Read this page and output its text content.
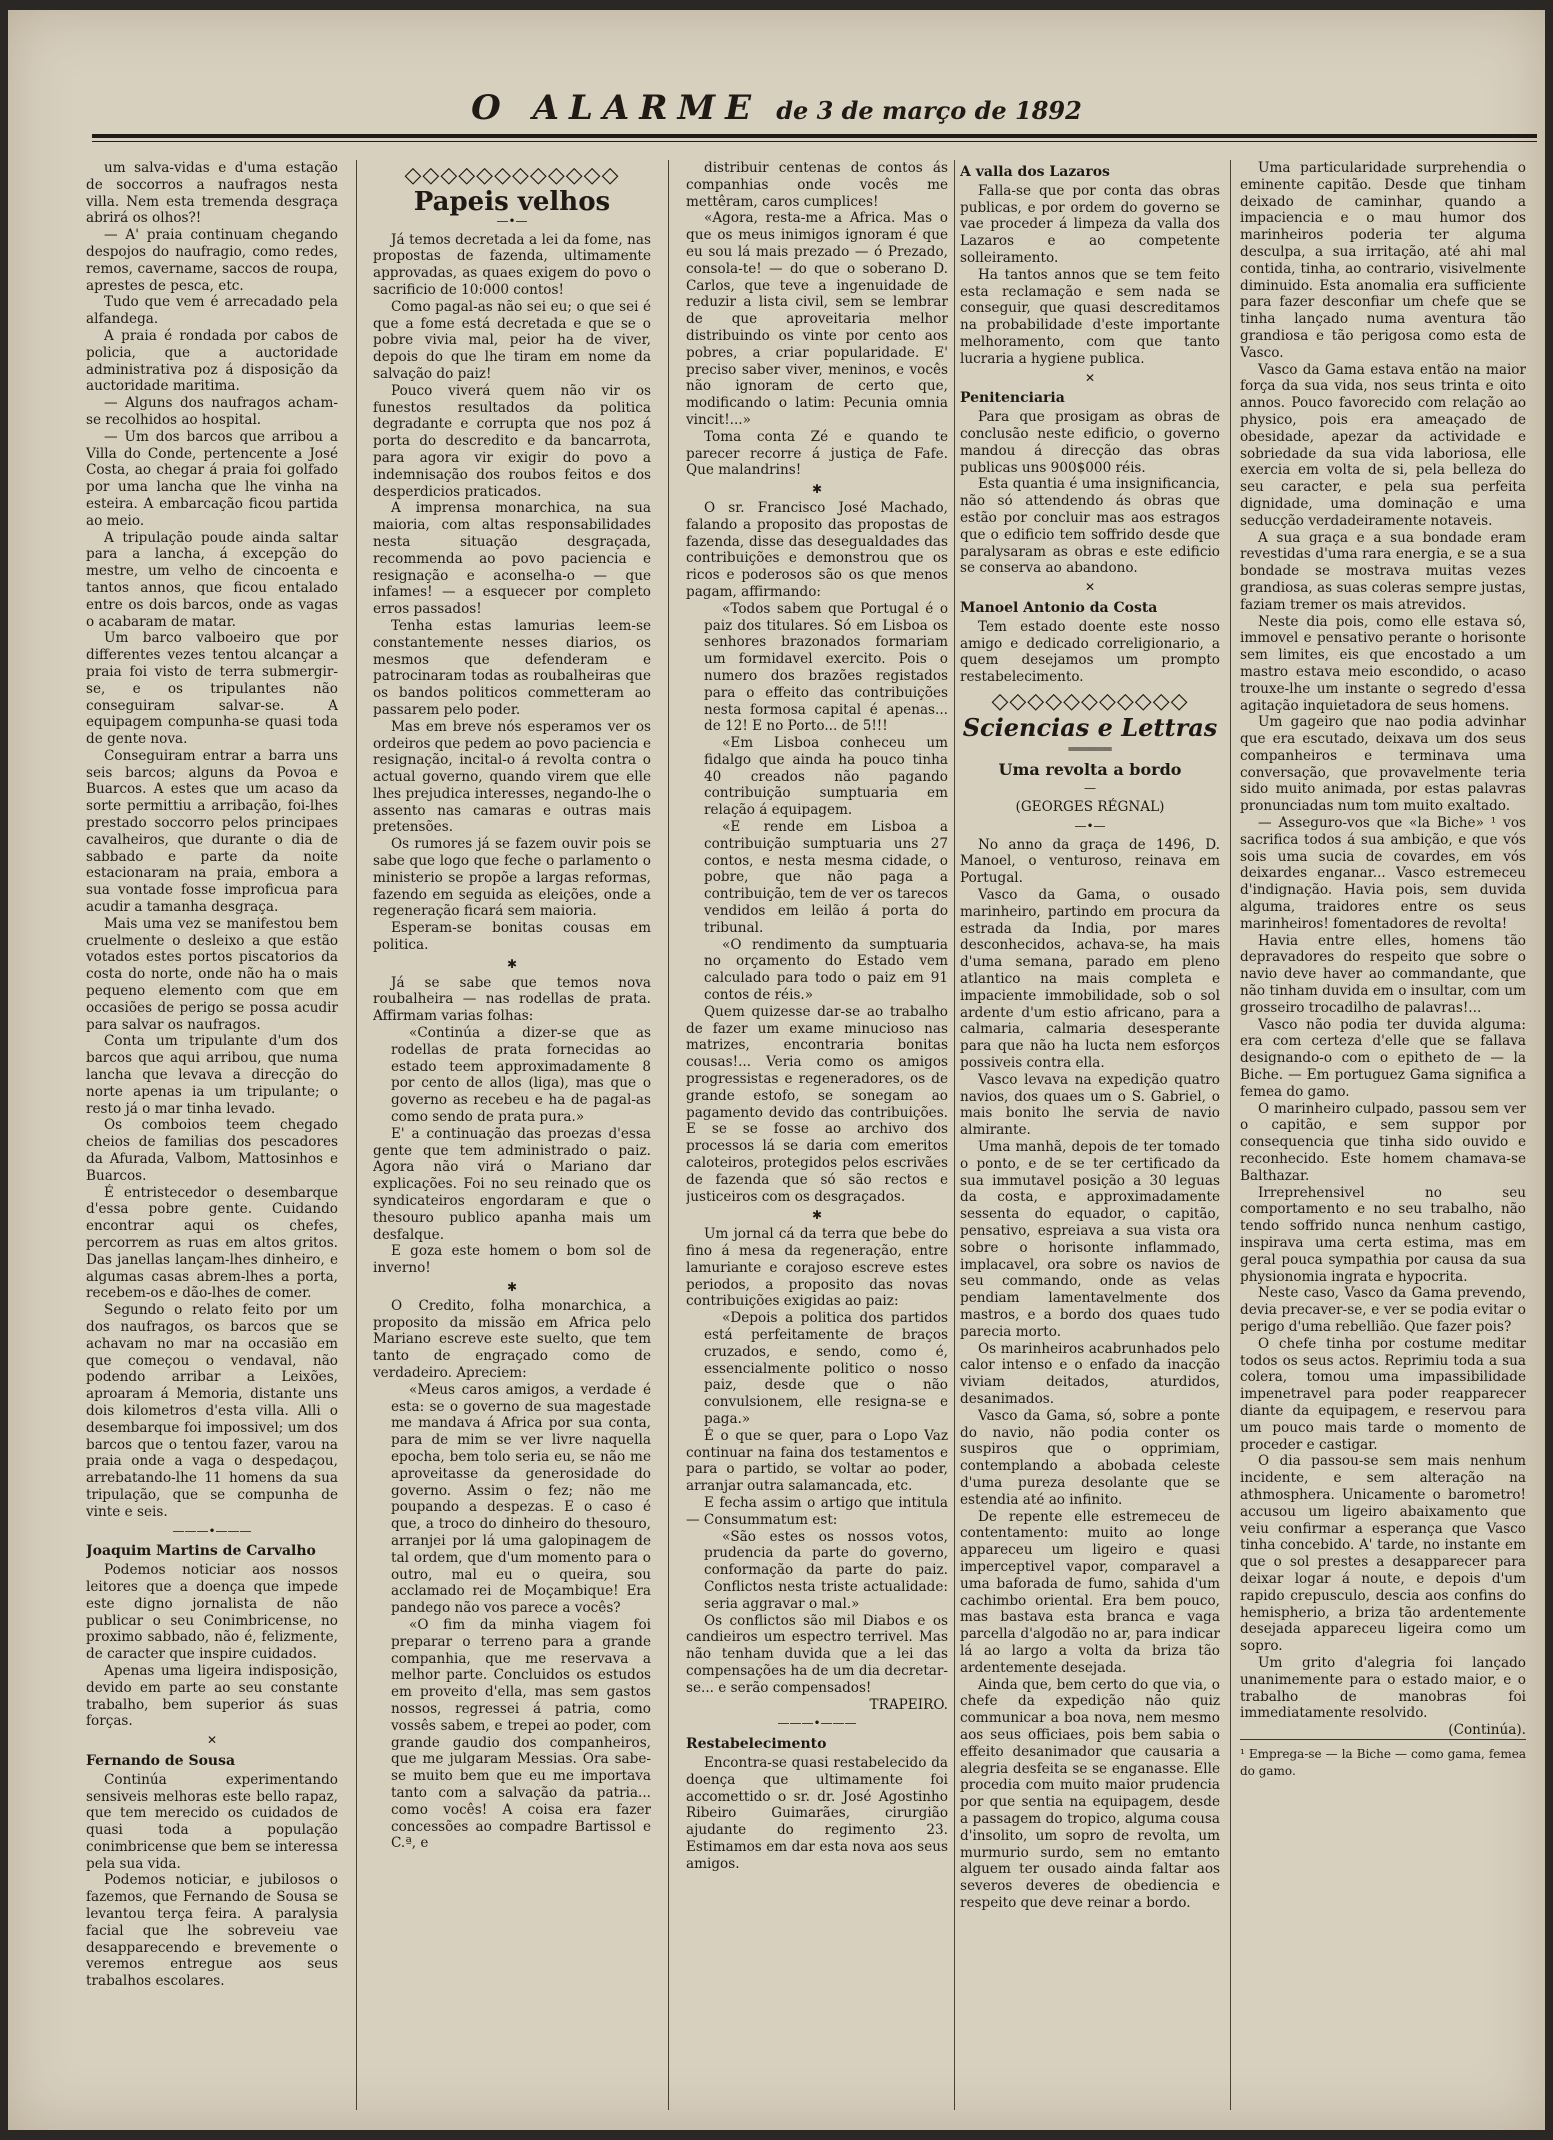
O ALARME de 3 de março de 1892

um salva-vidas e d'uma estação de soccorros a naufragos nesta villa. Nem esta tremenda desgraça abrirá os olhos?!

— A' praia continuam chegando despojos do naufragio, como redes, remos, cavername, saccos de roupa, aprestes de pesca, etc.

Tudo que vem é arrecadado pela alfandega.

A praia é rondada por cabos de policia, que a auctoridade administrativa poz á disposição da auctoridade maritima.

— Alguns dos naufragos acham-se recolhidos ao hospital.

— Um dos barcos que arribou a Villa do Conde, pertencente a José Costa, ao chegar á praia foi golfado por uma lancha que lhe vinha na esteira. A embarcação ficou partida ao meio.

A tripulação poude ainda saltar para a lancha, á excepção do mestre, um velho de cincoenta e tantos annos, que ficou entalado entre os dois barcos, onde as vagas o acabaram de matar.

Um barco valboeiro que por differentes vezes tentou alcançar a praia foi visto de terra submergir-se, e os tripulantes não conseguiram salvar-se. A equipagem compunha-se quasi toda de gente nova.

Conseguiram entrar a barra uns seis barcos; alguns da Povoa e Buarcos. A estes que um acaso da sorte permittiu a arribação, foi-lhes prestado soccorro pelos principaes cavalheiros, que durante o dia de sabbado e parte da noite estacionaram na praia, embora a sua vontade fosse improficua para acudir a tamanha desgraça.

Mais uma vez se manifestou bem cruelmente o desleixo a que estão votados estes portos piscatorios da costa do norte, onde não ha o mais pequeno elemento com que em occasiões de perigo se possa acudir para salvar os naufragos.

Conta um tripulante d'um dos barcos que aqui arribou, que numa lancha que levava a direcção do norte apenas ia um tripulante; o resto já o mar tinha levado.

Os comboios teem chegado cheios de familias dos pescadores da Afurada, Valbom, Mattosinhos e Buarcos.

É entristecedor o desembarque d'essa pobre gente. Cuidando encontrar aqui os chefes, percorrem as ruas em altos gritos. Das janellas lançam-lhes dinheiro, e algumas casas abrem-lhes a porta, recebem-os e dão-lhes de comer.

Segundo o relato feito por um dos naufragos, os barcos que se achavam no mar na occasião em que começou o vendaval, não podendo arribar a Leixões, aproaram á Memoria, distante uns dois kilometros d'esta villa. Alli o desembarque foi impossivel; um dos barcos que o tentou fazer, varou na praia onde a vaga o despedaçou, arrebatando-lhe 11 homens da sua tripulação, que se compunha de vinte e seis.

———•———

Joaquim Martins de Carvalho

Podemos noticiar aos nossos leitores que a doença que impede este digno jornalista de não publicar o seu Conimbricense, no proximo sabbado, não é, felizmente, de caracter que inspire cuidados.

Apenas uma ligeira indisposição, devido em parte ao seu constante trabalho, bem superior ás suas forças.

✕

Fernando de Sousa

Continúa experimentando sensiveis melhoras este bello rapaz, que tem merecido os cuidados de quasi toda a população conimbricense que bem se interessa pela sua vida.

Podemos noticiar, e jubilosos o fazemos, que Fernando de Sousa se levantou terça feira. A paralysia facial que lhe sobreveiu vae desapparecendo e brevemente o veremos entregue aos seus trabalhos escolares.

◇◇◇◇◇◇◇◇◇◇◇◇
Papeis velhos
—•—

Já temos decretada a lei da fome, nas propostas de fazenda, ultimamente approvadas, as quaes exigem do povo o sacrificio de 10:000 contos!

Como pagal-as não sei eu; o que sei é que a fome está decretada e que se o pobre vivia mal, peior ha de viver, depois do que lhe tiram em nome da salvação do paiz!

Pouco viverá quem não vir os funestos resultados da politica degradante e corrupta que nos poz á porta do descredito e da bancarrota, para agora vir exigir do povo a indemnisação dos roubos feitos e dos desperdicios praticados.

A imprensa monarchica, na sua maioria, com altas responsabilidades nesta situação desgraçada, recommenda ao povo paciencia e resignação e aconselha-o — que infames! — a esquecer por completo erros passados!

Tenha estas lamurias leem-se constantemente nesses diarios, os mesmos que defenderam e patrocinaram todas as roubalheiras que os bandos politicos commetteram ao passarem pelo poder.

Mas em breve nós esperamos ver os ordeiros que pedem ao povo paciencia e resignação, incital-o á revolta contra o actual governo, quando virem que elle lhes prejudica interesses, negando-lhe o assento nas camaras e outras mais pretensões.

Os rumores já se fazem ouvir pois se sabe que logo que feche o parlamento o ministerio se propõe a largas reformas, fazendo em seguida as eleições, onde a regeneração ficará sem maioria.

Esperam-se bonitas cousas em politica.

✱

Já se sabe que temos nova roubalheira — nas rodellas de prata. Affirmam varias folhas:

«Continúa a dizer-se que as rodellas de prata fornecidas ao estado teem approximadamente 8 por cento de allos (liga), mas que o governo as recebeu e ha de pagal-as como sendo de prata pura.»

E' a continuação das proezas d'essa gente que tem administrado o paiz. Agora não virá o Mariano dar explicações. Foi no seu reinado que os syndicateiros engordaram e que o thesouro publico apanha mais um desfalque.

E goza este homem o bom sol de inverno!

✱

O Credito, folha monarchica, a proposito da missão em Africa pelo Mariano escreve este suelto, que tem tanto de engraçado como de verdadeiro. Apreciem:

«Meus caros amigos, a verdade é esta: se o governo de sua magestade me mandava á Africa por sua conta, para de mim se ver livre naquella epocha, bem tolo seria eu, se não me aproveitasse da generosidade do governo. Assim o fez; não me poupando a despezas. E o caso é que, a troco do dinheiro do thesouro, arranjei por lá uma galopinagem de tal ordem, que d'um momento para o outro, mal eu o queira, sou acclamado rei de Moçambique! Era pandego não vos parece a vocês?

«O fim da minha viagem foi preparar o terreno para a grande companhia, que me reservava a melhor parte. Concluidos os estudos em proveito d'ella, mas sem gastos nossos, regressei á patria, como vossês sabem, e trepei ao poder, com grande gaudio dos companheiros, que me julgaram Messias. Ora sabe-se muito bem que eu me importava tanto com a salvação da patria... como vocês! A coisa era fazer concessões ao compadre Bartissol e C.ª, e

distribuir centenas de contos ás companhias onde vocês me mettêram, caros cumplices!

«Agora, resta-me a Africa. Mas o que os meus inimigos ignoram é que eu sou lá mais prezado — ó Prezado, consola-te! — do que o soberano D. Carlos, que teve a ingenuidade de reduzir a lista civil, sem se lembrar de que aproveitaria melhor distribuindo os vinte por cento aos pobres, a criar popularidade. E' preciso saber viver, meninos, e vocês não ignoram de certo que, modificando o latim: Pecunia omnia vincit!...»

Toma conta Zé e quando te parecer recorre á justiça de Fafe. Que malandrins!

✱

O sr. Francisco José Machado, falando a proposito das propostas de fazenda, disse das desegualdades das contribuições e demonstrou que os ricos e poderosos são os que menos pagam, affirmando:

«Todos sabem que Portugal é o paiz dos titulares. Só em Lisboa os senhores brazonados formariam um formidavel exercito. Pois o numero dos brazões registados para o effeito das contribuições nesta formosa capital é apenas... de 12! E no Porto... de 5!!!

«Em Lisboa conheceu um fidalgo que ainda ha pouco tinha 40 creados não pagando contribuição sumptuaria em relação á equipagem.

«E rende em Lisboa a contribuição sumptuaria uns 27 contos, e nesta mesma cidade, o pobre, que não paga a contribuição, tem de ver os tarecos vendidos em leilão á porta do tribunal.

«O rendimento da sumptuaria no orçamento do Estado vem calculado para todo o paiz em 91 contos de réis.»

Quem quizesse dar-se ao trabalho de fazer um exame minucioso nas matrizes, encontraria bonitas cousas!... Veria como os amigos progressistas e regeneradores, os de grande estofo, se sonegam ao pagamento devido das contribuições. E se se fosse ao archivo dos processos lá se daria com emeritos caloteiros, protegidos pelos escrivães de fazenda que só são rectos e justiceiros com os desgraçados.

✱

Um jornal cá da terra que bebe do fino á mesa da regeneração, entre lamuriante e corajoso escreve estes periodos, a proposito das novas contribuições exigidas ao paiz:

«Depois a politica dos partidos está perfeitamente de braços cruzados, e sendo, como é, essencialmente politico o nosso paiz, desde que o não convulsionem, elle resigna-se e paga.»

É o que se quer, para o Lopo Vaz continuar na faina dos testamentos e para o partido, se voltar ao poder, arranjar outra salamancada, etc.

E fecha assim o artigo que intitula — Consummatum est:

«São estes os nossos votos, prudencia da parte do governo, conformação da parte do paiz. Conflictos nesta triste actualidade: seria aggravar o mal.»

Os conflictos são mil Diabos e os candieiros um espectro terrivel. Mas não tenham duvida que a lei das compensações ha de um dia decretar-se... e serão compensados!

TRAPEIRO.

———•———

Restabelecimento

Encontra-se quasi restabelecido da doença que ultimamente foi accomettido o sr. dr. José Agostinho Ribeiro Guimarães, cirurgião ajudante do regimento 23. Estimamos em dar esta nova aos seus amigos.

A valla dos Lazaros

Falla-se que por conta das obras publicas, e por ordem do governo se vae proceder á limpeza da valla dos Lazaros e ao competente solleiramento.

Ha tantos annos que se tem feito esta reclamação e sem nada se conseguir, que quasi descreditamos na probabilidade d'este importante melhoramento, com que tanto lucraria a hygiene publica.

✕

Penitenciaria

Para que prosigam as obras de conclusão neste edificio, o governo mandou á direcção das obras publicas uns 900$000 réis.

Esta quantia é uma insignificancia, não só attendendo ás obras que estão por concluir mas aos estragos que o edificio tem soffrido desde que paralysaram as obras e este edificio se conserva ao abandono.

✕

Manoel Antonio da Costa

Tem estado doente este nosso amigo e dedicado correligionario, a quem desejamos um prompto restabelecimento.

◇◇◇◇◇◇◇◇◇◇◇
Sciencias e Lettras
══════
Uma revolta a bordo
—

(GEORGES RÉGNAL)

—•—

No anno da graça de 1496, D. Manoel, o venturoso, reinava em Portugal.

Vasco da Gama, o ousado marinheiro, partindo em procura da estrada da India, por mares desconhecidos, achava-se, ha mais d'uma semana, parado em pleno atlantico na mais completa e impaciente immobilidade, sob o sol ardente d'um estio africano, para a calmaria, calmaria desesperante para que não ha lucta nem esforços possiveis contra ella.

Vasco levava na expedição quatro navios, dos quaes um o S. Gabriel, o mais bonito lhe servia de navio almirante.

Uma manhã, depois de ter tomado o ponto, e de se ter certificado da sua immutavel posição a 30 leguas da costa, e approximadamente sessenta do equador, o capitão, pensativo, espreiava a sua vista ora sobre o horisonte inflammado, implacavel, ora sobre os navios de seu commando, onde as velas pendiam lamentavelmente dos mastros, e a bordo dos quaes tudo parecia morto.

Os marinheiros acabrunhados pelo calor intenso e o enfado da inacção viviam deitados, aturdidos, desanimados.

Vasco da Gama, só, sobre a ponte do navio, não podia conter os suspiros que o opprimiam, contemplando a abobada celeste d'uma pureza desolante que se estendia até ao infinito.

De repente elle estremeceu de contentamento: muito ao longe appareceu um ligeiro e quasi imperceptivel vapor, comparavel a uma baforada de fumo, sahida d'um cachimbo oriental. Era bem pouco, mas bastava esta branca e vaga parcella d'algodão no ar, para indicar lá ao largo a volta da briza tão ardentemente desejada.

Ainda que, bem certo do que via, o chefe da expedição não quiz communicar a boa nova, nem mesmo aos seus officiaes, pois bem sabia o effeito desanimador que causaria a alegria desfeita se se enganasse. Elle procedia com muito maior prudencia por que sentia na equipagem, desde a passagem do tropico, alguma cousa d'insolito, um sopro de revolta, um murmurio surdo, sem no emtanto alguem ter ousado ainda faltar aos severos deveres de obediencia e respeito que deve reinar a bordo.

Uma particularidade surprehendia o eminente capitão. Desde que tinham deixado de caminhar, quando a impaciencia e o mau humor dos marinheiros poderia ter alguma desculpa, a sua irritação, até ahi mal contida, tinha, ao contrario, visivelmente diminuido. Esta anomalia era sufficiente para fazer desconfiar um chefe que se tinha lançado numa aventura tão grandiosa e tão perigosa como esta de Vasco.

Vasco da Gama estava então na maior força da sua vida, nos seus trinta e oito annos. Pouco favorecido com relação ao physico, pois era ameaçado de obesidade, apezar da actividade e sobriedade da sua vida laboriosa, elle exercia em volta de si, pela belleza do seu caracter, e pela sua perfeita dignidade, uma dominação e uma seducção verdadeiramente notaveis.

A sua graça e a sua bondade eram revestidas d'uma rara energia, e se a sua bondade se mostrava muitas vezes grandiosa, as suas coleras sempre justas, faziam tremer os mais atrevidos.

Neste dia pois, como elle estava só, immovel e pensativo perante o horisonte sem limites, eis que encostado a um mastro estava meio escondido, o acaso trouxe-lhe um instante o segredo d'essa agitação inquietadora de seus homens.

Um gageiro que nao podia advinhar que era escutado, deixava um dos seus companheiros e terminava uma conversação, que provavelmente teria sido muito animada, por estas palavras pronunciadas num tom muito exaltado.

— Asseguro-vos que «la Biche» ¹ vos sacrifica todos á sua ambição, e que vós sois uma sucia de covardes, em vós deixardes enganar... Vasco estremeceu d'indignação. Havia pois, sem duvida alguma, traidores entre os seus marinheiros! fomentadores de revolta!

Havia entre elles, homens tão depravadores do respeito que sobre o navio deve haver ao commandante, que não tinham duvida em o insultar, com um grosseiro trocadilho de palavras!...

Vasco não podia ter duvida alguma: era com certeza d'elle que se fallava designando-o com o epitheto de — la Biche. — Em portuguez Gama significa a femea do gamo.

O marinheiro culpado, passou sem ver o capitão, e sem suppor por consequencia que tinha sido ouvido e reconhecido. Este homem chamava-se Balthazar.

Irreprehensivel no seu comportamento e no seu trabalho, não tendo soffrido nunca nenhum castigo, inspirava uma certa estima, mas em geral pouca sympathia por causa da sua physionomia ingrata e hypocrita.

Neste caso, Vasco da Gama prevendo, devia precaver-se, e ver se podia evitar o perigo d'uma rebellião. Que fazer pois?

O chefe tinha por costume meditar todos os seus actos. Reprimiu toda a sua colera, tomou uma impassibilidade impenetravel para poder reapparecer diante da equipagem, e reservou para um pouco mais tarde o momento de proceder e castigar.

O dia passou-se sem mais nenhum incidente, e sem alteração na athmosphera. Unicamente o barometro! accusou um ligeiro abaixamento que veiu confirmar a esperança que Vasco tinha concebido. A' tarde, no instante em que o sol prestes a desapparecer para deixar logar á noute, e depois d'um rapido crepusculo, descia aos confins do hemispherio, a briza tão ardentemente desejada appareceu ligeira como um sopro.

Um grito d'alegria foi lançado unanimemente para o estado maior, e o trabalho de manobras foi immediatamente resolvido.

(Continúa).

¹ Emprega-se — la Biche — como gama, femea do gamo.
